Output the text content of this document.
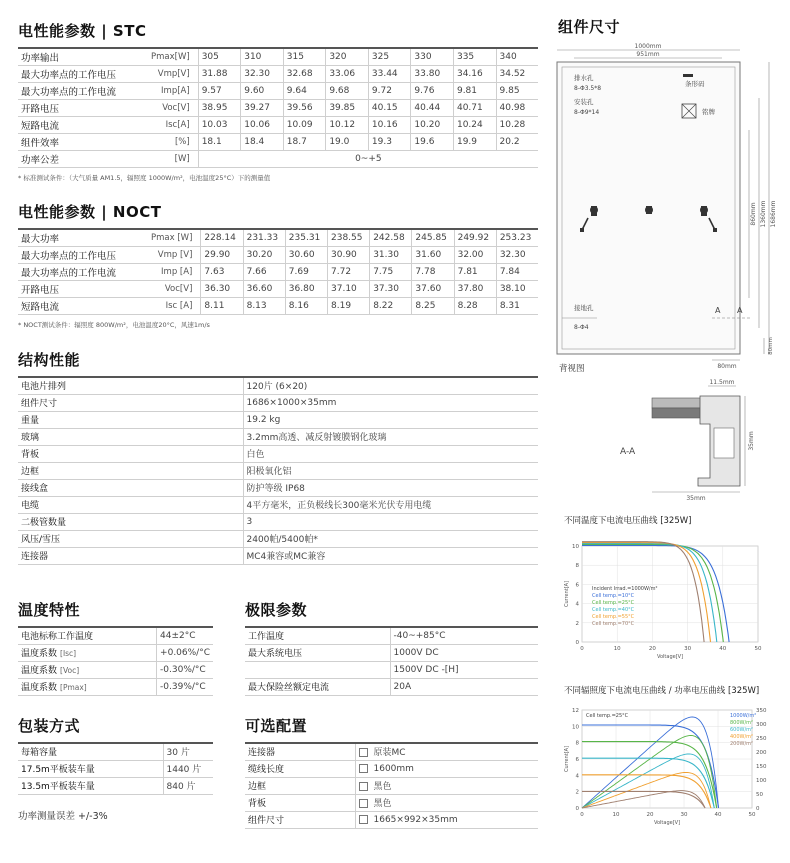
电性能参数 | STC
功率输出	Pmax[W]	305	310	315	320	325	330	335	340
最大功率点的工作电压	Vmp[V]	31.88	32.30	32.68	33.06	33.44	33.80	34.16	34.52
最大功率点的工作电流	Imp[A]	9.57	9.60	9.64	9.68	9.72	9.76	9.81	9.85
开路电压	Voc[V]	38.95	39.27	39.56	39.85	40.15	40.44	40.71	40.98
短路电流	Isc[A]	10.03	10.06	10.09	10.12	10.16	10.20	10.24	10.28
组件效率	[%]	18.1	18.4	18.7	19.0	19.3	19.6	19.9	20.2
功率公差	[W]	0~+5							
* 标准测试条件：（大气质量 AM1.5，辐照度 1000W/m²，电池温度25°C）下的测量值
电性能参数 | NOCT
最大功率	Pmax [W]	228.14	231.33	235.31	238.55	242.58	245.85	249.92	253.23
最大功率点的工作电压	Vmp [V]	29.90	30.20	30.60	30.90	31.30	31.60	32.00	32.30
最大功率点的工作电流	Imp [A]	7.63	7.66	7.69	7.72	7.75	7.78	7.81	7.84
开路电压	Voc[V]	36.30	36.60	36.80	37.10	37.30	37.60	37.80	38.10
短路电流	Isc [A]	8.11	8.13	8.16	8.19	8.22	8.25	8.28	8.31
* NOCT测试条件：辐照度 800W/m²，电池温度20°C，风速1m/s
结构性能
电池片排列	120片 (6×20)
组件尺寸	1686×1000×35mm
重量	19.2 kg
玻璃	3.2mm高透、减反射镀膜钢化玻璃
背板	白色
边框	阳极氧化铝
接线盒	防护等级 IP68
电缆	4平方毫米，正负极线长300毫米光伏专用电缆
二极管数量	3
风压/雪压	2400帕/5400帕*
连接器	MC4兼容或MC兼容
温度特性
电池标称工作温度	44±2°C
温度系数 [Isc]	+0.06%/°C
温度系数 [Voc]	-0.30%/°C
温度系数 [Pmax]	-0.39%/°C
极限参数
工作温度	-40~+85°C
最大系统电压	1000V DC
	1500V DC -[H]
最大保险丝额定电流	20A
包装方式
每箱容量	30 片
17.5m平板装车量	1440 片
13.5m平板装车量	840 片
功率测量误差 +/-3%
可选配置
连接器	原装MC
缆线长度	1600mm
边框	黑色
背板	黑色
组件尺寸	1665×992×35mm
组件尺寸
1000mm
951mm
排水孔
8-Φ3.5*8
安装孔
8-Φ9*14
条形码
铭牌
860mm 1360mm 1686mm
接地孔
8-Φ4
A A
80mm
80mm
背视图
11.5mm
35mm
35mm
A-A
不同温度下电流电压曲线 [325W]
0
2
4
6
8
10
0	10	20	30	40	50
Voltage[V]
Current[A]	Incident Irrad.=1000W/m²
Cell temp.=10°C
Cell temp.=25°C
Cell temp.=40°C
Cell temp.=55°C
Cell temp.=70°C
不同辐照度下电流电压曲线 / 功率电压曲线 [325W]
0
2
4
6
8
10
12
0	10	20	30	40	50
0
50
100
150
200
250
300
350
Voltage[V]
Current[A]
Cell temp.=25°C	1000W/m²
800W/m²
600W/m²
400W/m²
200W/m²
